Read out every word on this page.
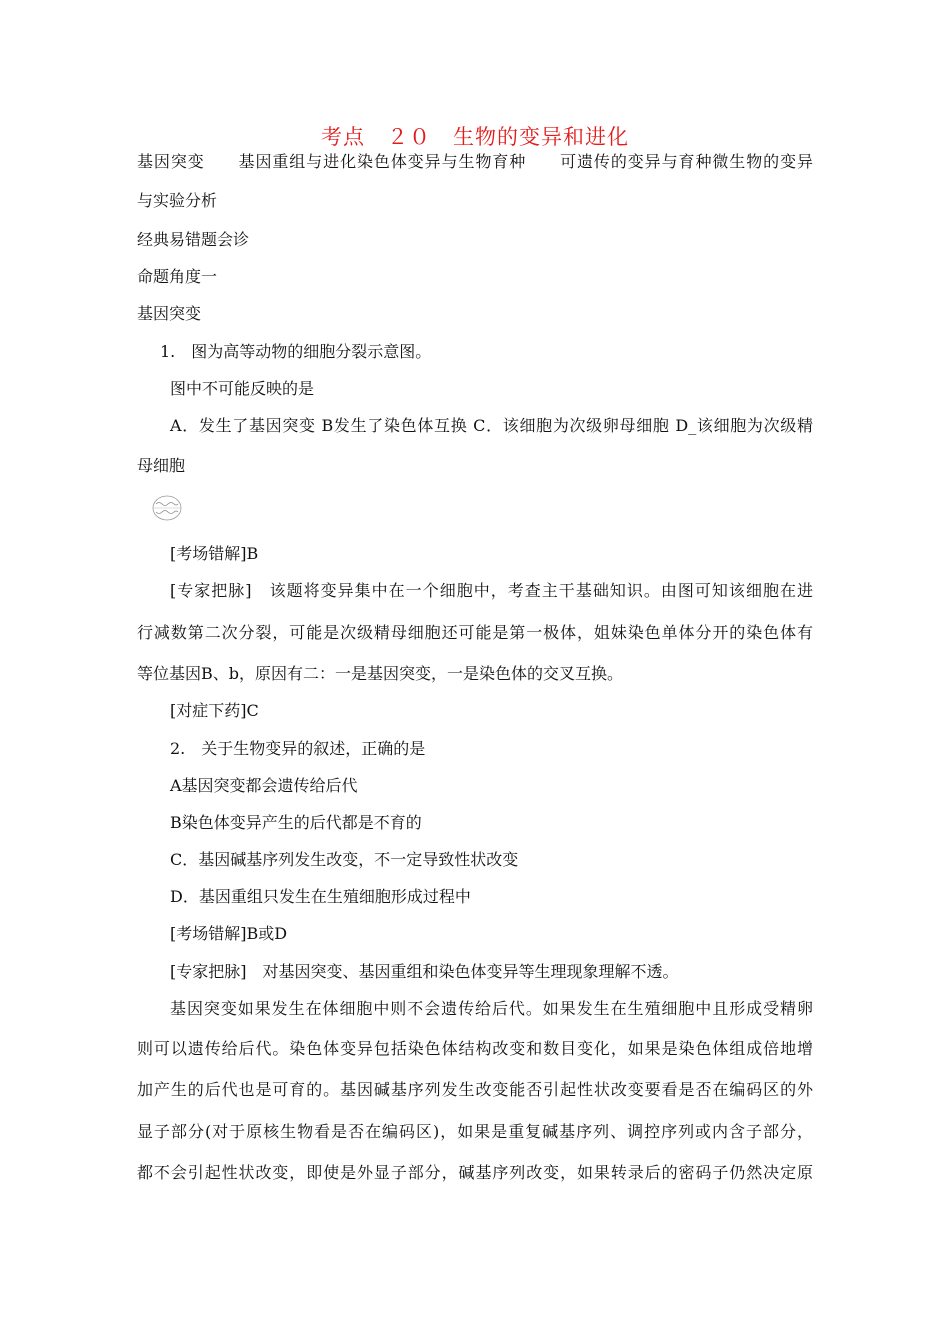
考点　２０　生物的变异和进化
基因突变　　基因重组与进化染色体变异与生物育种　　可遗传的变异与育种微生物的变异
与实验分析
经典易错题会诊
命题角度一
基因突变
1.　图为高等动物的细胞分裂示意图。
图中不可能反映的是
A．发生了基因突变 B发生了染色体互换 C．该细胞为次级卵母细胞 D_该细胞为次级精
母细胞
[考场错解]B
[专家把脉]　该题将变异集中在一个细胞中，考查主干基础知识。由图可知该细胞在进
行减数第二次分裂，可能是次级精母细胞还可能是第一极体，姐妹染色单体分开的染色体有
等位基因B、b，原因有二：一是基因突变，一是染色体的交叉互换。
[对症下药]C
2.　关于生物变异的叙述，正确的是
A基因突变都会遗传给后代
B染色体变异产生的后代都是不育的
C．基因碱基序列发生改变，不一定导致性状改变
D．基因重组只发生在生殖细胞形成过程中
[考场错解]B或D
[专家把脉]　对基因突变、基因重组和染色体变异等生理现象理解不透。
基因突变如果发生在体细胞中则不会遗传给后代。如果发生在生殖细胞中且形成受精卵
则可以遗传给后代。染色体变异包括染色体结构改变和数目变化，如果是染色体组成倍地增
加产生的后代也是可育的。基因碱基序列发生改变能否引起性状改变要看是否在编码区的外
显子部分(对于原核生物看是否在编码区)，如果是重复碱基序列、调控序列或内含子部分，
都不会引起性状改变，即使是外显子部分，碱基序列改变，如果转录后的密码子仍然决定原
